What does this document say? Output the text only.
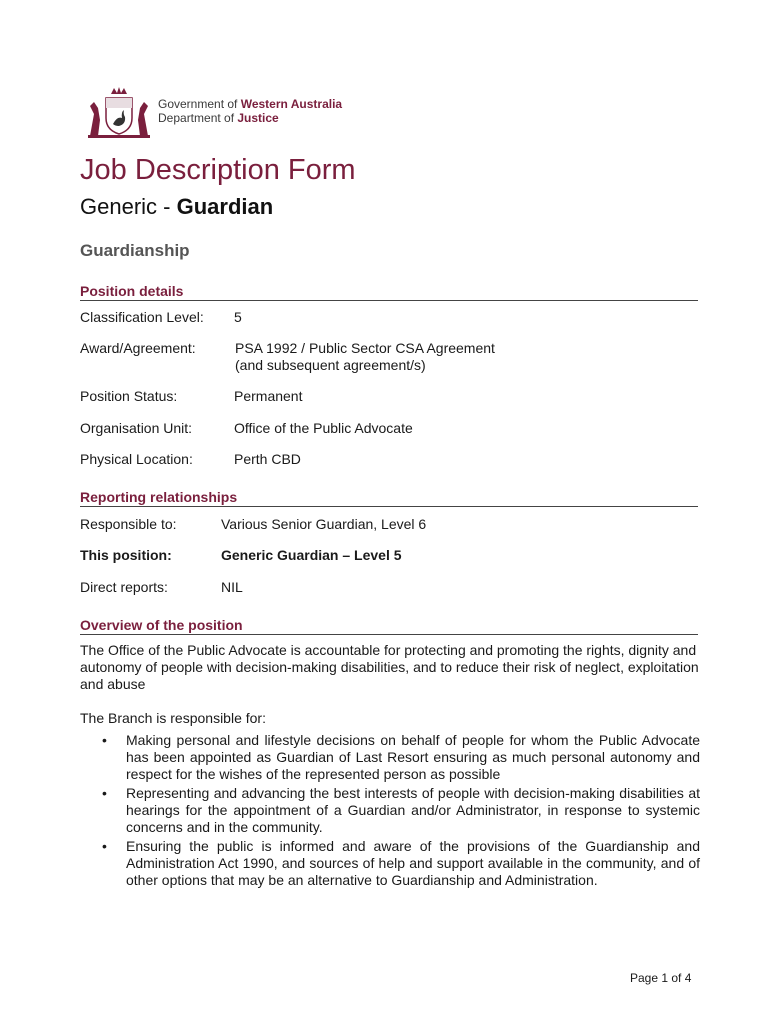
Government of Western Australia
Department of Justice
Job Description Form
Generic - Guardian
Guardianship
Position details
Classification Level: 5
Award/Agreement:	PSA 1992 / Public Sector CSA Agreement
(and subsequent agreement/s)
Position Status:	Permanent
Organisation Unit:	Office of the Public Advocate
Physical Location:	Perth CBD
Reporting relationships
Responsible to:	Various Senior Guardian, Level 6
This position:	Generic Guardian – Level 5
Direct reports:	NIL
Overview of the position

The Office of the Public Advocate is accountable for protecting and promoting the rights, dignity and autonomy of people with decision-making disabilities, and to reduce their risk of neglect, exploitation and abuse

The Branch is responsible for:

• Making personal and lifestyle decisions on behalf of people for whom the Public Advocate has been appointed as Guardian of Last Resort ensuring as much personal autonomy and respect for the wishes of the represented person as possible
• Representing and advancing the best interests of people with decision-making disabilities at hearings for the appointment of a Guardian and/or Administrator, in response to systemic concerns and in the community.
• Ensuring the public is informed and aware of the provisions of the Guardianship and Administration Act 1990, and sources of help and support available in the community, and of other options that may be an alternative to Guardianship and Administration.
Page 1 of 4
